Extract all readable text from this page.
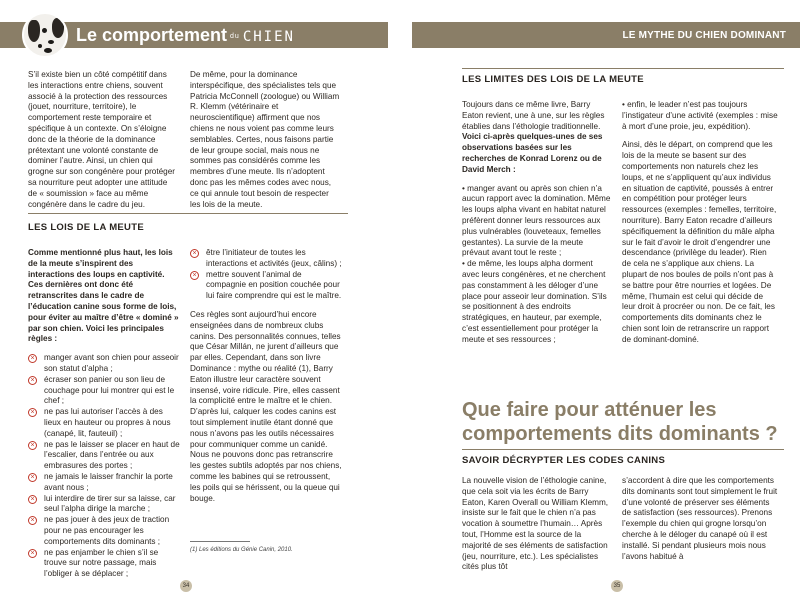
Le comportement du CHIEN	LE MYTHE DU CHIEN DOMINANT

S’il existe bien un côté compétitif dans les interactions entre chiens, souvent associé à la protection des ressources (jouet, nourriture, territoire), le comportement reste temporaire et spécifique à un contexte. On s’éloigne donc de la théorie de la dominance prétextant une volonté constante de dominer l’autre. Ainsi, un chien qui grogne sur son congénère pour protéger sa nourriture peut adopter une attitude de « soumission » face au même congénère dans le cadre du jeu.

De même, pour la dominance interspécifique, des spécialistes tels que Patricia McConnell (zoologue) ou William R. Klemm (vétérinaire et neuroscientifique) affirment que nos chiens ne nous voient pas comme leurs semblables. Certes, nous faisons partie de leur groupe social, mais nous ne sommes pas considérés comme les membres d’une meute. Ils n’adoptent donc pas les mêmes codes avec nous, ce qui annule tout besoin de respecter les lois de la meute.

LES LOIS DE LA MEUTE

Comme mentionné plus haut, les lois de la meute s’inspirent des interactions des loups en captivité. Ces dernières ont donc été retranscrites dans le cadre de l’éducation canine sous forme de lois, pour éviter au maître d’être « dominé » par son chien. Voici les principales règles :

× manger avant son chien pour asseoir son statut d’alpha ;
× écraser son panier ou son lieu de couchage pour lui montrer qui est le chef ;
× ne pas lui autoriser l’accès à des lieux en hauteur ou propres à nous (canapé, lit, fauteuil) ;
× ne pas le laisser se placer en haut de l’escalier, dans l’entrée ou aux embrasures des portes ;
× ne jamais le laisser franchir la porte avant nous ;
× lui interdire de tirer sur sa laisse, car seul l’alpha dirige la marche ;
× ne pas jouer à des jeux de traction pour ne pas encourager les comportements dits dominants ;
× ne pas enjamber le chien s’il se trouve sur notre passage, mais l’obliger à se déplacer ;
× être l’initiateur de toutes les interactions et activités (jeux, câlins) ;
× mettre souvent l’animal de compagnie en position couchée pour lui faire comprendre qui est le maître.

Ces règles sont aujourd’hui encore enseignées dans de nombreux clubs canins. Des personnalités connues, telles que César Millán, ne jurent d’ailleurs que par elles. Cependant, dans son livre Dominance : mythe ou réalité (1), Barry Eaton illustre leur caractère souvent insensé, voire ridicule. Pire, elles cassent la complicité entre le maître et le chien. D’après lui, calquer les codes canins est tout simplement inutile étant donné que nous n’avons pas les outils nécessaires pour communiquer comme un canidé. Nous ne pouvons donc pas retranscrire les gestes subtils adoptés par nos chiens, comme les babines qui se retroussent, les poils qui se hérissent, ou la queue qui bouge.

(1) Les éditions du Génie Canin, 2010.
34
LES LIMITES DES LOIS DE LA MEUTE

Toujours dans ce même livre, Barry Eaton revient, une à une, sur les règles établies dans l’éthologie traditionnelle. Voici ci-après quelques-unes de ses observations basées sur les recherches de Konrad Lorenz ou de David Merch :

• manger avant ou après son chien n’a aucun rapport avec la domination. Même les loups alpha vivant en habitat naturel préfèrent donner leurs ressources aux plus vulnérables (louveteaux, femelles gestantes). La survie de la meute prévaut avant tout le reste ;

• de même, les loups alpha dorment avec leurs congénères, et ne cherchent pas constamment à les déloger d’une place pour asseoir leur domination. S’ils se positionnent à des endroits stratégiques, en hauteur, par exemple, c’est essentiellement pour protéger la meute et ses ressources ;

• enfin, le leader n’est pas toujours l’instigateur d’une activité (exemples : mise à mort d’une proie, jeu, expédition).

Ainsi, dès le départ, on comprend que les lois de la meute se basent sur des comportements non naturels chez les loups, et ne s’appliquent qu’aux individus en situation de captivité, poussés à entrer en compétition pour protéger leurs ressources (exemples : femelles, territoire, nourriture). Barry Eaton recadre d’ailleurs spécifiquement la définition du mâle alpha sur le fait d’avoir le droit d’engendrer une descendance (privilège du leader). Rien de cela ne s’applique aux chiens. La plupart de nos boules de poils n’ont pas à se battre pour être nourries et logées. De même, l’humain est celui qui décide de leur droit à procréer ou non. De ce fait, les comportements dits dominants chez le chien sont loin de retranscrire un rapport de dominant-dominé.

Que faire pour atténuer les comportements dits dominants ?
SAVOIR DÉCRYPTER LES CODES CANINS

La nouvelle vision de l’éthologie canine, que cela soit via les écrits de Barry Eaton, Karen Overall ou William Klemm, insiste sur le fait que le chien n’a pas vocation à soumettre l’humain… Après tout, l’Homme est la source de la majorité de ses éléments de satisfaction (jeu, nourriture, etc.). Les spécialistes cités plus tôt

s’accordent à dire que les comportements dits dominants sont tout simplement le fruit d’une volonté de préserver ses éléments de satisfaction (ses ressources). Prenons l’exemple du chien qui grogne lorsqu’on cherche à le déloger du canapé où il est installé. Si pendant plusieurs mois nous l’avons habitué à

35
